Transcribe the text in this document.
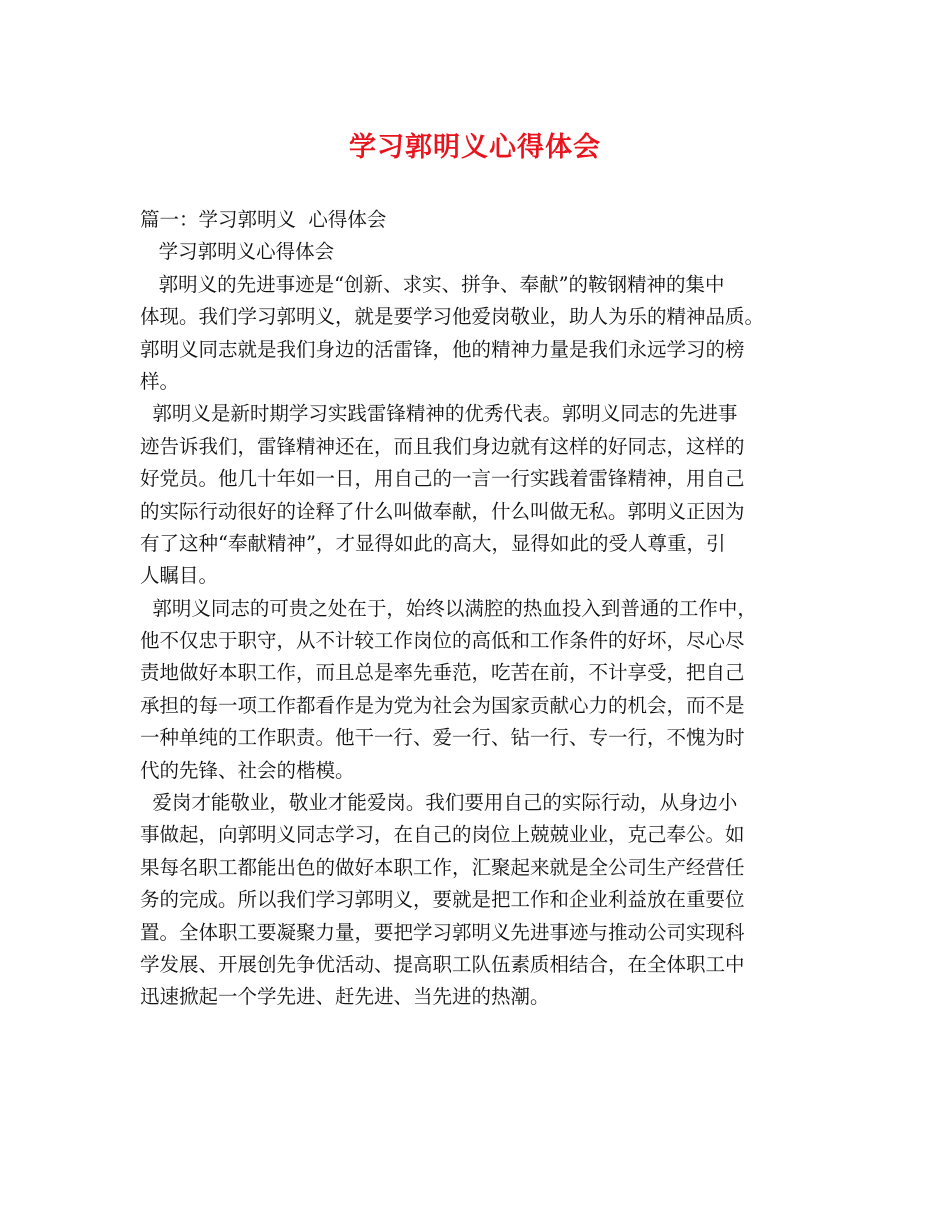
学习郭明义心得体会
篇一：学习郭明义  心得体会
学习郭明义心得体会
郭明义的先进事迹是“创新、求实、拼争、奉献”的鞍钢精神的集中
体现。我们学习郭明义，就是要学习他爱岗敬业，助人为乐的精神品质。
郭明义同志就是我们身边的活雷锋，他的精神力量是我们永远学习的榜
样。
郭明义是新时期学习实践雷锋精神的优秀代表。郭明义同志的先进事
迹告诉我们，雷锋精神还在，而且我们身边就有这样的好同志，这样的
好党员。他几十年如一日，用自己的一言一行实践着雷锋精神，用自己
的实际行动很好的诠释了什么叫做奉献，什么叫做无私。郭明义正因为
有了这种“奉献精神”，才显得如此的高大，显得如此的受人尊重，引
人瞩目。
郭明义同志的可贵之处在于，始终以满腔的热血投入到普通的工作中，
他不仅忠于职守，从不计较工作岗位的高低和工作条件的好坏，尽心尽
责地做好本职工作，而且总是率先垂范，吃苦在前，不计享受，把自己
承担的每一项工作都看作是为党为社会为国家贡献心力的机会，而不是
一种单纯的工作职责。他干一行、爱一行、钻一行、专一行，不愧为时
代的先锋、社会的楷模。
爱岗才能敬业，敬业才能爱岗。我们要用自己的实际行动，从身边小
事做起，向郭明义同志学习，在自己的岗位上兢兢业业，克己奉公。如
果每名职工都能出色的做好本职工作，汇聚起来就是全公司生产经营任
务的完成。所以我们学习郭明义，要就是把工作和企业利益放在重要位
置。全体职工要凝聚力量，要把学习郭明义先进事迹与推动公司实现科
学发展、开展创先争优活动、提高职工队伍素质相结合，在全体职工中
迅速掀起一个学先进、赶先进、当先进的热潮。
